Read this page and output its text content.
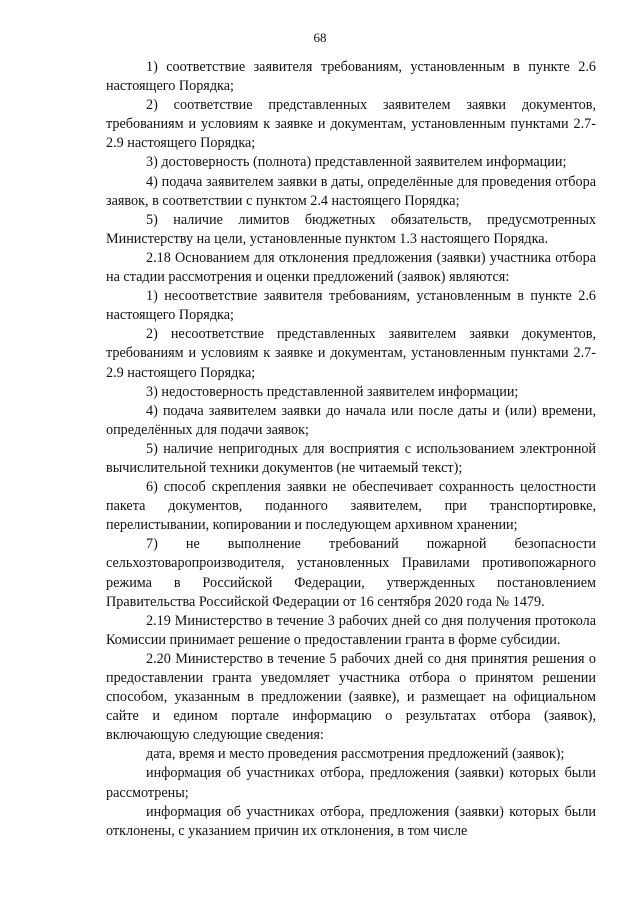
68

1) соответствие заявителя требованиям, установленным в пункте 2.6 настоящего Порядка;

2) соответствие представленных заявителем заявки документов, требованиям и условиям к заявке и документам, установленным пунктами 2.7-2.9 настоящего Порядка;

3) достоверность (полнота) представленной заявителем информации;

4) подача заявителем заявки в даты, определённые для проведения отбора заявок, в соответствии с пунктом 2.4 настоящего Порядка;

5) наличие лимитов бюджетных обязательств, предусмотренных Министерству на цели, установленные пунктом 1.3 настоящего Порядка.

2.18 Основанием для отклонения предложения (заявки) участника отбора на стадии рассмотрения и оценки предложений (заявок) являются:

1) несоответствие заявителя требованиям, установленным в пункте 2.6 настоящего Порядка;

2) несоответствие представленных заявителем заявки документов, требованиям и условиям к заявке и документам, установленным пунктами 2.7-2.9 настоящего Порядка;

3) недостоверность представленной заявителем информации;

4) подача заявителем заявки до начала или после даты и (или) времени, определённых для подачи заявок;

5) наличие непригодных для восприятия с использованием электронной вычислительной техники документов (не читаемый текст);

6) способ скрепления заявки не обеспечивает сохранность целостности пакета документов, поданного заявителем, при транспортировке, перелистывании, копировании и последующем архивном хранении;

7) не выполнение требований пожарной безопасности сельхозтоваропроизводителя, установленных Правилами противопожарного режима в Российской Федерации, утвержденных постановлением Правительства Российской Федерации от 16 сентября 2020 года № 1479.

2.19 Министерство в течение 3 рабочих дней со дня получения протокола Комиссии принимает решение о предоставлении гранта в форме субсидии.

2.20 Министерство в течение 5 рабочих дней со дня принятия решения о предоставлении гранта уведомляет участника отбора о принятом решении способом, указанным в предложении (заявке), и размещает на официальном сайте и едином портале информацию о результатах отбора (заявок), включающую следующие сведения:

дата, время и место проведения рассмотрения предложений (заявок);

информация об участниках отбора, предложения (заявки) которых были рассмотрены;

информация об участниках отбора, предложения (заявки) которых были отклонены, с указанием причин их отклонения, в том числе
